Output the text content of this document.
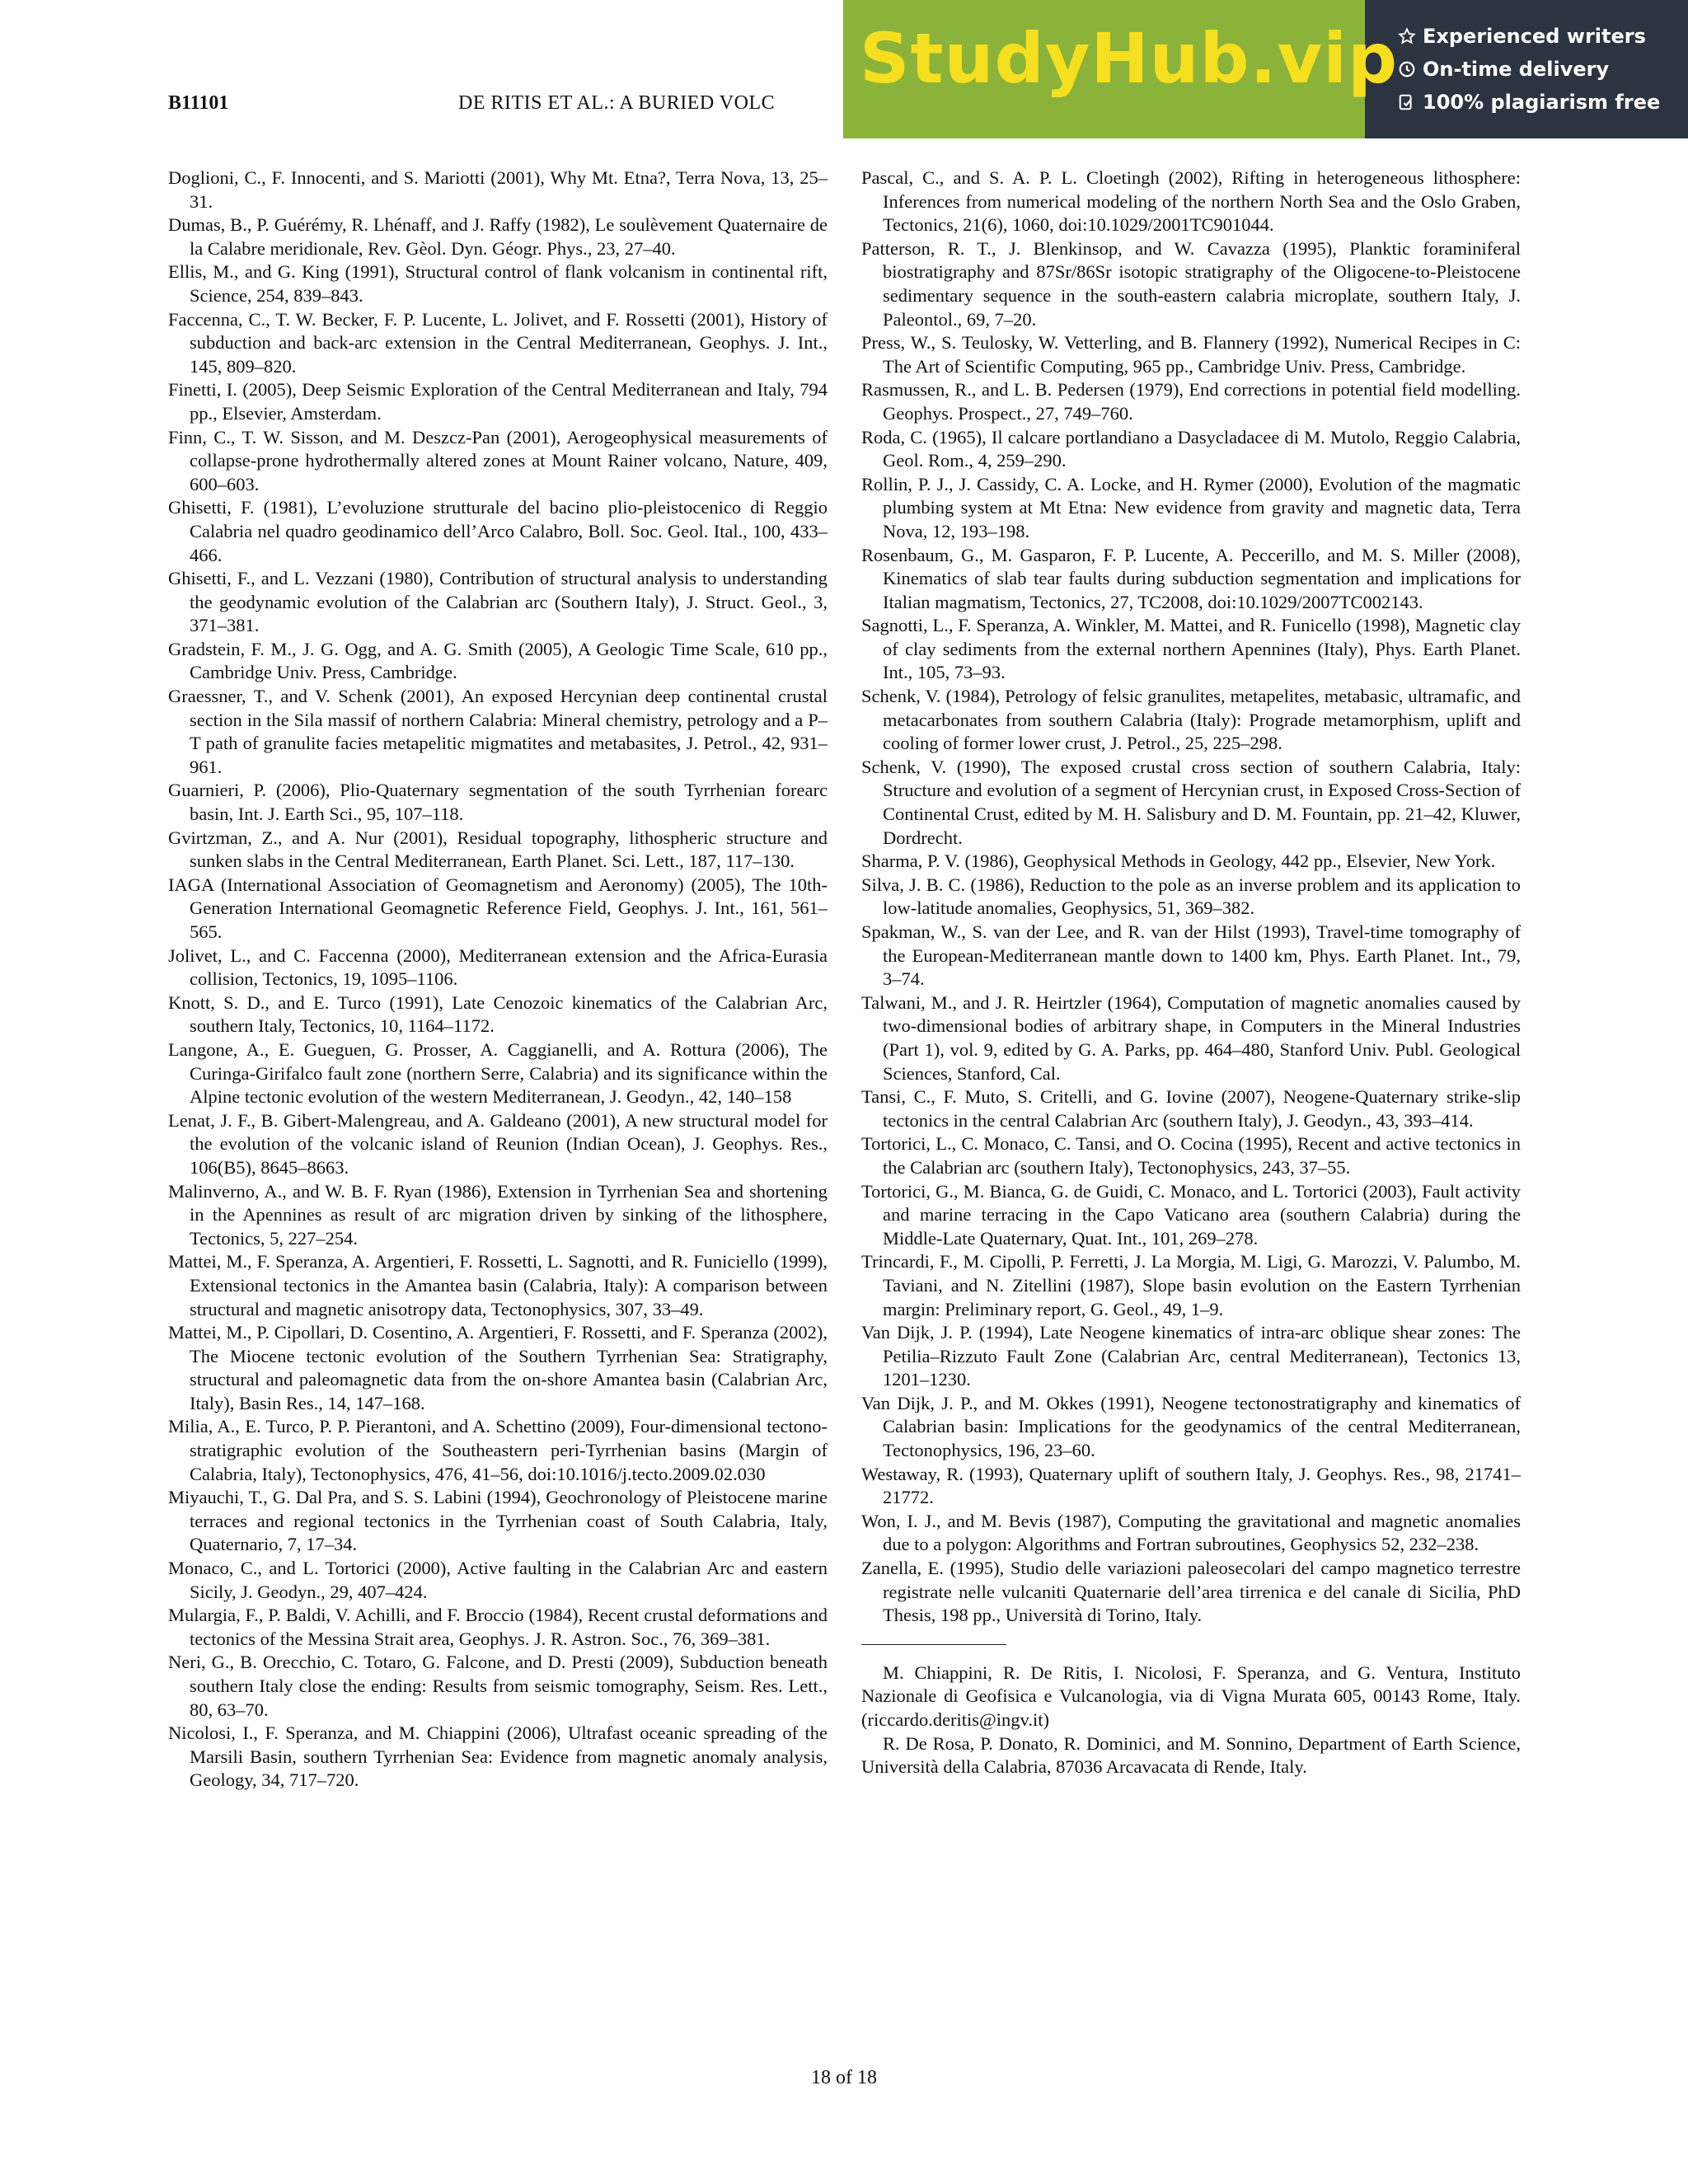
B11101	DE RITIS ET AL.: A BURIED VOLC

Doglioni, C., F. Innocenti, and S. Mariotti (2001), Why Mt. Etna?, Terra Nova, 13, 25–31.

Dumas, B., P. Guérémy, R. Lhénaff, and J. Raffy (1982), Le soulèvement Quaternaire de la Calabre meridionale, Rev. Gèol. Dyn. Géogr. Phys., 23, 27–40.

Ellis, M., and G. King (1991), Structural control of flank volcanism in continental rift, Science, 254, 839–843.

Faccenna, C., T. W. Becker, F. P. Lucente, L. Jolivet, and F. Rossetti (2001), History of subduction and back-arc extension in the Central Mediterranean, Geophys. J. Int., 145, 809–820.

Finetti, I. (2005), Deep Seismic Exploration of the Central Mediterranean and Italy, 794 pp., Elsevier, Amsterdam.

Finn, C., T. W. Sisson, and M. Deszcz-Pan (2001), Aerogeophysical measurements of collapse-prone hydrothermally altered zones at Mount Rainer volcano, Nature, 409, 600–603.

Ghisetti, F. (1981), L’evoluzione strutturale del bacino plio-pleistocenico di Reggio Calabria nel quadro geodinamico dell’Arco Calabro, Boll. Soc. Geol. Ital., 100, 433–466.

Ghisetti, F., and L. Vezzani (1980), Contribution of structural analysis to understanding the geodynamic evolution of the Calabrian arc (Southern Italy), J. Struct. Geol., 3, 371–381.

Gradstein, F. M., J. G. Ogg, and A. G. Smith (2005), A Geologic Time Scale, 610 pp., Cambridge Univ. Press, Cambridge.

Graessner, T., and V. Schenk (2001), An exposed Hercynian deep continental crustal section in the Sila massif of northern Calabria: Mineral chemistry, petrology and a P–T path of granulite facies metapelitic migmatites and metabasites, J. Petrol., 42, 931–961.

Guarnieri, P. (2006), Plio-Quaternary segmentation of the south Tyrrhenian forearc basin, Int. J. Earth Sci., 95, 107–118.

Gvirtzman, Z., and A. Nur (2001), Residual topography, lithospheric structure and sunken slabs in the Central Mediterranean, Earth Planet. Sci. Lett., 187, 117–130.

IAGA (International Association of Geomagnetism and Aeronomy) (2005), The 10th-Generation International Geomagnetic Reference Field, Geophys. J. Int., 161, 561–565.

Jolivet, L., and C. Faccenna (2000), Mediterranean extension and the Africa-Eurasia collision, Tectonics, 19, 1095–1106.

Knott, S. D., and E. Turco (1991), Late Cenozoic kinematics of the Calabrian Arc, southern Italy, Tectonics, 10, 1164–1172.

Langone, A., E. Gueguen, G. Prosser, A. Caggianelli, and A. Rottura (2006), The Curinga-Girifalco fault zone (northern Serre, Calabria) and its significance within the Alpine tectonic evolution of the western Mediterranean, J. Geodyn., 42, 140–158

Lenat, J. F., B. Gibert-Malengreau, and A. Galdeano (2001), A new structural model for the evolution of the volcanic island of Reunion (Indian Ocean), J. Geophys. Res., 106(B5), 8645–8663.

Malinverno, A., and W. B. F. Ryan (1986), Extension in Tyrrhenian Sea and shortening in the Apennines as result of arc migration driven by sinking of the lithosphere, Tectonics, 5, 227–254.

Mattei, M., F. Speranza, A. Argentieri, F. Rossetti, L. Sagnotti, and R. Funiciello (1999), Extensional tectonics in the Amantea basin (Calabria, Italy): A comparison between structural and magnetic anisotropy data, Tectonophysics, 307, 33–49.

Mattei, M., P. Cipollari, D. Cosentino, A. Argentieri, F. Rossetti, and F. Speranza (2002), The Miocene tectonic evolution of the Southern Tyrrhenian Sea: Stratigraphy, structural and paleomagnetic data from the on-shore Amantea basin (Calabrian Arc, Italy), Basin Res., 14, 147–168.

Milia, A., E. Turco, P. P. Pierantoni, and A. Schettino (2009), Four-dimensional tectono-stratigraphic evolution of the Southeastern peri-Tyrrhenian basins (Margin of Calabria, Italy), Tectonophysics, 476, 41–56, doi:10.1016/j.tecto.2009.02.030

Miyauchi, T., G. Dal Pra, and S. S. Labini (1994), Geochronology of Pleistocene marine terraces and regional tectonics in the Tyrrhenian coast of South Calabria, Italy, Quaternario, 7, 17–34.

Monaco, C., and L. Tortorici (2000), Active faulting in the Calabrian Arc and eastern Sicily, J. Geodyn., 29, 407–424.

Mulargia, F., P. Baldi, V. Achilli, and F. Broccio (1984), Recent crustal deformations and tectonics of the Messina Strait area, Geophys. J. R. Astron. Soc., 76, 369–381.

Neri, G., B. Orecchio, C. Totaro, G. Falcone, and D. Presti (2009), Subduction beneath southern Italy close the ending: Results from seismic tomography, Seism. Res. Lett., 80, 63–70.

Nicolosi, I., F. Speranza, and M. Chiappini (2006), Ultrafast oceanic spreading of the Marsili Basin, southern Tyrrhenian Sea: Evidence from magnetic anomaly analysis, Geology, 34, 717–720.

Pascal, C., and S. A. P. L. Cloetingh (2002), Rifting in heterogeneous lithosphere: Inferences from numerical modeling of the northern North Sea and the Oslo Graben, Tectonics, 21(6), 1060, doi:10.1029/2001TC901044.

Patterson, R. T., J. Blenkinsop, and W. Cavazza (1995), Planktic foraminiferal biostratigraphy and 87Sr/86Sr isotopic stratigraphy of the Oligocene-to-Pleistocene sedimentary sequence in the south-eastern calabria microplate, southern Italy, J. Paleontol., 69, 7–20.

Press, W., S. Teulosky, W. Vetterling, and B. Flannery (1992), Numerical Recipes in C: The Art of Scientific Computing, 965 pp., Cambridge Univ. Press, Cambridge.

Rasmussen, R., and L. B. Pedersen (1979), End corrections in potential field modelling. Geophys. Prospect., 27, 749–760.

Roda, C. (1965), Il calcare portlandiano a Dasycladacee di M. Mutolo, Reggio Calabria, Geol. Rom., 4, 259–290.

Rollin, P. J., J. Cassidy, C. A. Locke, and H. Rymer (2000), Evolution of the magmatic plumbing system at Mt Etna: New evidence from gravity and magnetic data, Terra Nova, 12, 193–198.

Rosenbaum, G., M. Gasparon, F. P. Lucente, A. Peccerillo, and M. S. Miller (2008), Kinematics of slab tear faults during subduction segmentation and implications for Italian magmatism, Tectonics, 27, TC2008, doi:10.1029/2007TC002143.

Sagnotti, L., F. Speranza, A. Winkler, M. Mattei, and R. Funicello (1998), Magnetic clay of clay sediments from the external northern Apennines (Italy), Phys. Earth Planet. Int., 105, 73–93.

Schenk, V. (1984), Petrology of felsic granulites, metapelites, metabasic, ultramafic, and metacarbonates from southern Calabria (Italy): Prograde metamorphism, uplift and cooling of former lower crust, J. Petrol., 25, 225–298.

Schenk, V. (1990), The exposed crustal cross section of southern Calabria, Italy: Structure and evolution of a segment of Hercynian crust, in Exposed Cross-Section of Continental Crust, edited by M. H. Salisbury and D. M. Fountain, pp. 21–42, Kluwer, Dordrecht.

Sharma, P. V. (1986), Geophysical Methods in Geology, 442 pp., Elsevier, New York.

Silva, J. B. C. (1986), Reduction to the pole as an inverse problem and its application to low-latitude anomalies, Geophysics, 51, 369–382.

Spakman, W., S. van der Lee, and R. van der Hilst (1993), Travel-time tomography of the European-Mediterranean mantle down to 1400 km, Phys. Earth Planet. Int., 79, 3–74.

Talwani, M., and J. R. Heirtzler (1964), Computation of magnetic anomalies caused by two-dimensional bodies of arbitrary shape, in Computers in the Mineral Industries (Part 1), vol. 9, edited by G. A. Parks, pp. 464–480, Stanford Univ. Publ. Geological Sciences, Stanford, Cal.

Tansi, C., F. Muto, S. Critelli, and G. Iovine (2007), Neogene-Quaternary strike-slip tectonics in the central Calabrian Arc (southern Italy), J. Geodyn., 43, 393–414.

Tortorici, L., C. Monaco, C. Tansi, and O. Cocina (1995), Recent and active tectonics in the Calabrian arc (southern Italy), Tectonophysics, 243, 37–55.

Tortorici, G., M. Bianca, G. de Guidi, C. Monaco, and L. Tortorici (2003), Fault activity and marine terracing in the Capo Vaticano area (southern Calabria) during the Middle-Late Quaternary, Quat. Int., 101, 269–278.

Trincardi, F., M. Cipolli, P. Ferretti, J. La Morgia, M. Ligi, G. Marozzi, V. Palumbo, M. Taviani, and N. Zitellini (1987), Slope basin evolution on the Eastern Tyrrhenian margin: Preliminary report, G. Geol., 49, 1–9.

Van Dijk, J. P. (1994), Late Neogene kinematics of intra-arc oblique shear zones: The Petilia–Rizzuto Fault Zone (Calabrian Arc, central Mediterranean), Tectonics 13, 1201–1230.

Van Dijk, J. P., and M. Okkes (1991), Neogene tectonostratigraphy and kinematics of Calabrian basin: Implications for the geodynamics of the central Mediterranean, Tectonophysics, 196, 23–60.

Westaway, R. (1993), Quaternary uplift of southern Italy, J. Geophys. Res., 98, 21741–21772.

Won, I. J., and M. Bevis (1987), Computing the gravitational and magnetic anomalies due to a polygon: Algorithms and Fortran subroutines, Geophysics 52, 232–238.

Zanella, E. (1995), Studio delle variazioni paleosecolari del campo magnetico terrestre registrate nelle vulcaniti Quaternarie dell’area tirrenica e del canale di Sicilia, PhD Thesis, 198 pp., Università di Torino, Italy.

M. Chiappini, R. De Ritis, I. Nicolosi, F. Speranza, and G. Ventura, Instituto Nazionale di Geofisica e Vulcanologia, via di Vigna Murata 605, 00143 Rome, Italy. (riccardo.deritis@ingv.it)

R. De Rosa, P. Donato, R. Dominici, and M. Sonnino, Department of Earth Science, Università della Calabria, 87036 Arcavacata di Rende, Italy.

18 of 18
StudyHub.vip Experienced writers
On-time delivery
100% plagiarism free
